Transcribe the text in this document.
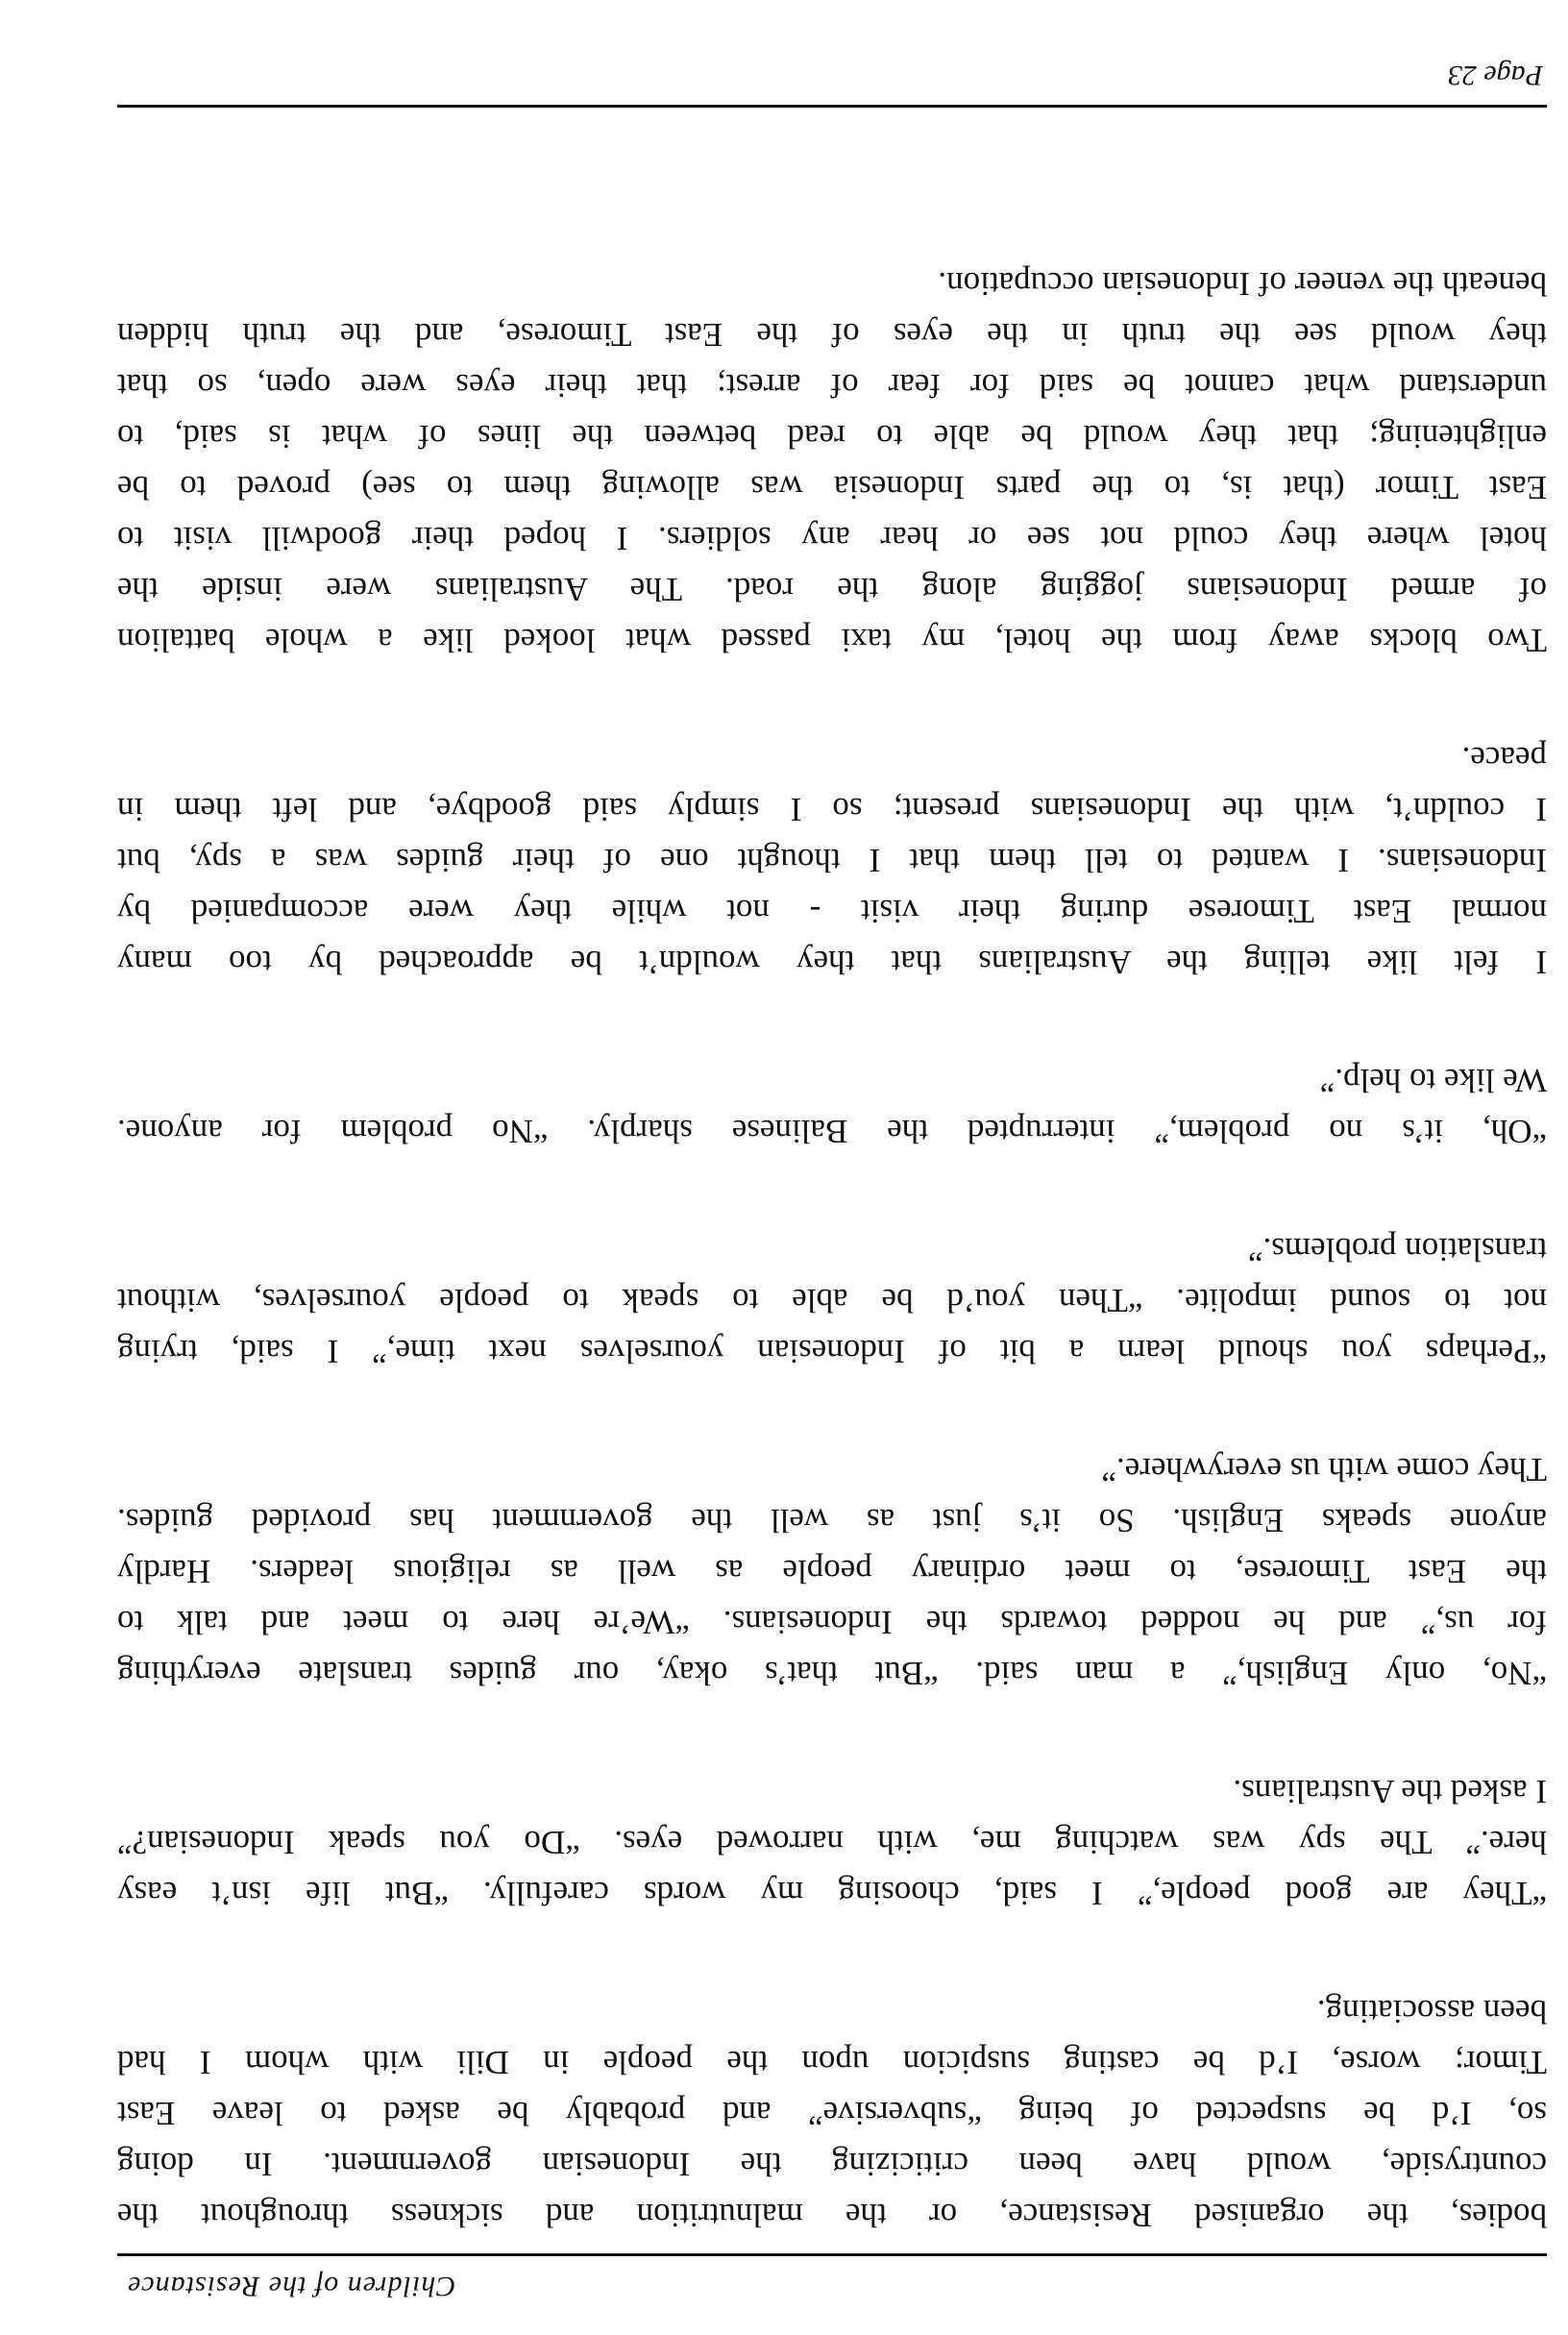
Children of the Resistance
bodies, the organised Resistance, or the malnutrition and sickness throughout the
countryside, would have been criticizing the Indonesian government. In doing
so, I’d be suspected of being “subversive” and probably be asked to leave East
Timor; worse, I’d be casting suspicion upon the people in Dili with whom I had
been associating.
“They are good people,” I said, choosing my words carefully. “But life isn’t easy
here.” The spy was watching me, with narrowed eyes. “Do you speak Indonesian?”
I asked the Australians.
“No, only English,” a man said. “But that’s okay, our guides translate everything
for us,” and he nodded towards the Indonesians. “We’re here to meet and talk to
the East Timorese, to meet ordinary people as well as religious leaders. Hardly
anyone speaks English. So it’s just as well the government has provided guides.
They come with us everywhere.”
“Perhaps you should learn a bit of Indonesian yourselves next time,” I said, trying
not to sound impolite. “Then you’d be able to speak to people yourselves, without
translation problems.”
“Oh, it’s no problem,” interrupted the Balinese sharply. “No problem for anyone.
We like to help.”
I felt like telling the Australians that they wouldn’t be approached by too many
normal East Timorese during their visit - not while they were accompanied by
Indonesians. I wanted to tell them that I thought one of their guides was a spy, but
I couldn’t, with the Indonesians present; so I simply said goodbye, and left them in
peace.
Two blocks away from the hotel, my taxi passed what looked like a whole battalion
of armed Indonesians jogging along the road. The Australians were inside the
hotel where they could not see or hear any soldiers. I hoped their goodwill visit to
East Timor (that is, to the parts Indonesia was allowing them to see) proved to be
enlightening; that they would be able to read between the lines of what is said, to
understand what cannot be said for fear of arrest; that their eyes were open, so that
they would see the truth in the eyes of the East Timorese, and the truth hidden
beneath the veneer of Indonesian occupation.
Page 23
